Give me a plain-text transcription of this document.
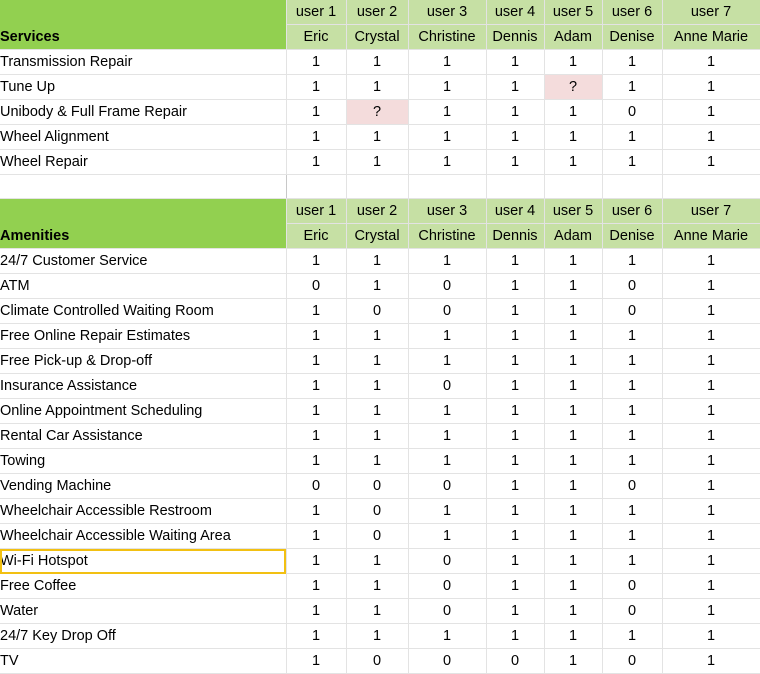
Services	user 1	user 2	user 3	user 4	user 5	user 6	user 7
	Eric	Crystal	Christine	Dennis	Adam	Denise	Anne Marie
Transmission Repair	1	1	1	1	1	1	1
Tune Up	1	1	1	1	?	1	1
Unibody & Full Frame Repair	1	?	1	1	1	0	1
Wheel Alignment	1	1	1	1	1	1	1
Wheel Repair	1	1	1	1	1	1	1

Amenities	user 1	user 2	user 3	user 4	user 5	user 6	user 7
	Eric	Crystal	Christine	Dennis	Adam	Denise	Anne Marie
24/7 Customer Service	1	1	1	1	1	1	1
ATM	0	1	0	1	1	0	1
Climate Controlled Waiting Room	1	0	0	1	1	0	1
Free Online Repair Estimates	1	1	1	1	1	1	1
Free Pick-up & Drop-off	1	1	1	1	1	1	1
Insurance Assistance	1	1	0	1	1	1	1
Online Appointment Scheduling	1	1	1	1	1	1	1
Rental Car Assistance	1	1	1	1	1	1	1
Towing	1	1	1	1	1	1	1
Vending Machine	0	0	0	1	1	0	1
Wheelchair Accessible Restroom	1	0	1	1	1	1	1
Wheelchair Accessible Waiting Area	1	0	1	1	1	1	1
Wi-Fi Hotspot	1	1	0	1	1	1	1
Free Coffee	1	1	0	1	1	0	1
Water	1	1	0	1	1	0	1
24/7 Key Drop Off	1	1	1	1	1	1	1
TV	1	0	0	0	1	0	1
